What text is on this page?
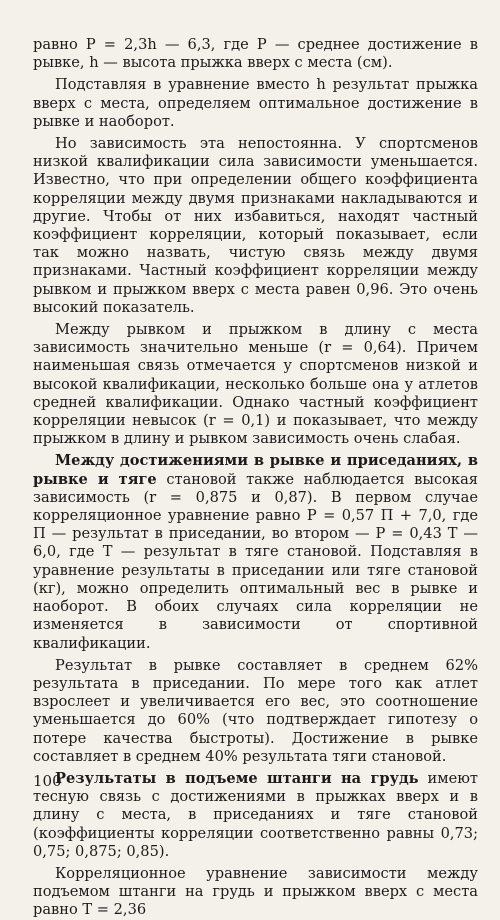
равно P = 2,3h — 6,3, где P — среднее достижение в рывке, h — высота прыжка вверх с места (см).

Подставляя в уравнение вместо h результат прыжка вверх с места, определяем оптимальное достижение в рывке и наоборот.

Но зависимость эта непостоянна. У спортсменов низкой квалификации сила зависимости уменьшается. Известно, что при определении общего коэффициента корреляции между двумя признаками накладываются и другие. Чтобы от них избавиться, находят частный коэффициент корреляции, который показывает, если так можно назвать, чистую связь между двумя признаками. Частный коэффициент корреляции между рывком и прыжком вверх с места равен 0,96. Это очень высокий показатель.

Между рывком и прыжком в длину с места зависимость значительно меньше (r = 0,64). Причем наименьшая связь отмечается у спортсменов низкой и высокой квалификации, несколько больше она у атлетов средней квалификации. Однако частный коэффициент корреляции невысок (r = 0,1) и показывает, что между прыжком в длину и рывком зависимость очень слабая.

Между достижениями в рывке и приседаниях, в рывке и тяге становой также наблюдается высокая зависимость (r = 0,875 и 0,87). В первом случае корреляционное уравнение равно P = 0,57 П + 7,0, где П — результат в приседании, во втором — P = 0,43 T — 6,0, где T — результат в тяге становой. Подставляя в уравнение результаты в приседании или тяге становой (кг), можно определить оптимальный вес в рывке и наоборот. В обоих случаях сила корреляции не изменяется в зависимости от спортивной квалификации.

Результат в рывке составляет в среднем 62% результата в приседании. По мере того как атлет взрослеет и увеличивается его вес, это соотношение уменьшается до 60% (что подтверждает гипотезу о потере качества быстроты). Достижение в рывке составляет в среднем 40% результата тяги становой.

Результаты в подъеме штанги на грудь имеют тесную связь с достижениями в прыжках вверх и в длину с места, в приседаниях и тяге становой (коэффициенты корреляции соответственно равны 0,73; 0,75; 0,875; 0,85).

Корреляционное уравнение зависимости между подъемом штанги на грудь и прыжком вверх с места равно T = 2,36

100
